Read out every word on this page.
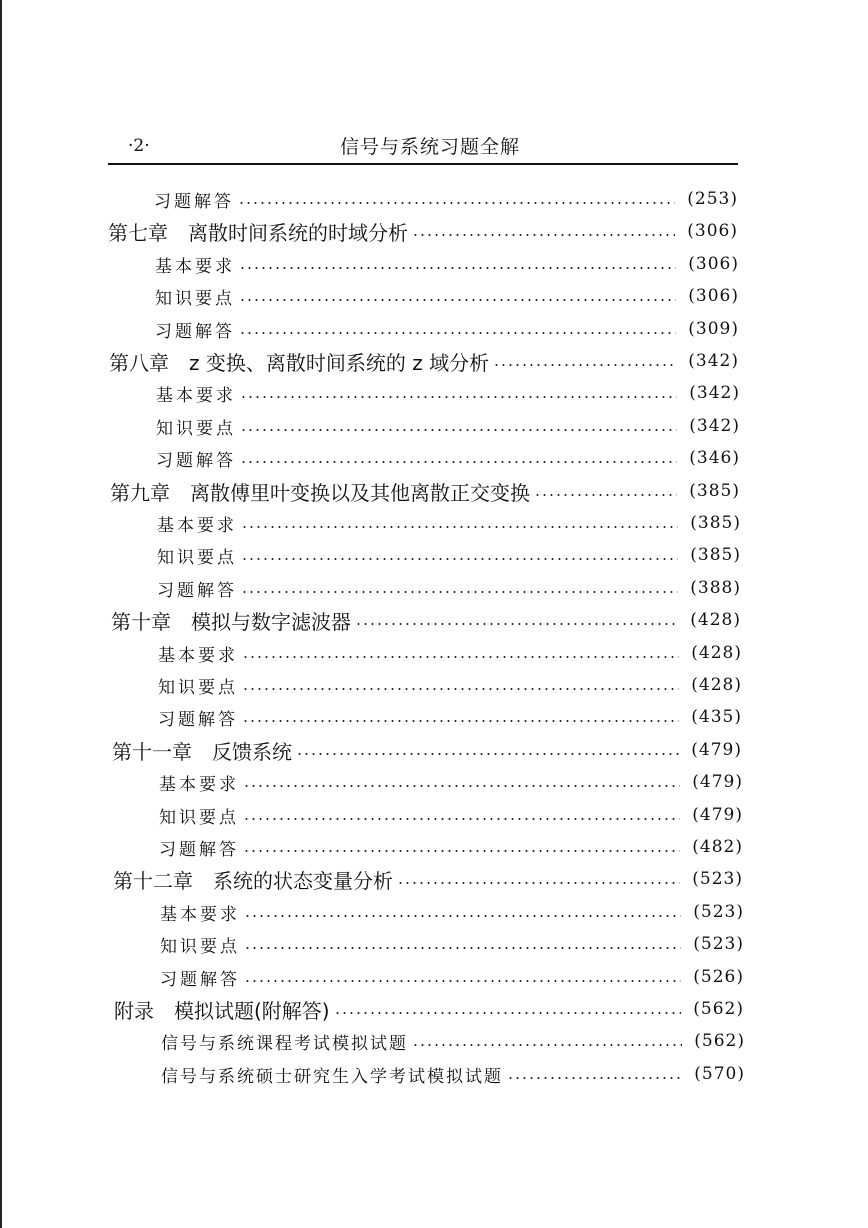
·2·	信号与系统习题全解
习题解答	(253)
第七章　离散时间系统的时域分析	(306)
基本要求	(306)
知识要点	(306)
习题解答	(309)
第八章　z 变换、离散时间系统的 z 域分析	(342)
基本要求	(342)
知识要点	(342)
习题解答	(346)
第九章　离散傅里叶变换以及其他离散正交变换	(385)
基本要求	(385)
知识要点	(385)
习题解答	(388)
第十章　模拟与数字滤波器	(428)
基本要求	(428)
知识要点	(428)
习题解答	(435)
第十一章　反馈系统	(479)
基本要求	(479)
知识要点	(479)
习题解答	(482)
第十二章　系统的状态变量分析	(523)
基本要求	(523)
知识要点	(523)
习题解答	(526)
附录　模拟试题(附解答)	(562)
信号与系统课程考试模拟试题	(562)
信号与系统硕士研究生入学考试模拟试题	(570)
